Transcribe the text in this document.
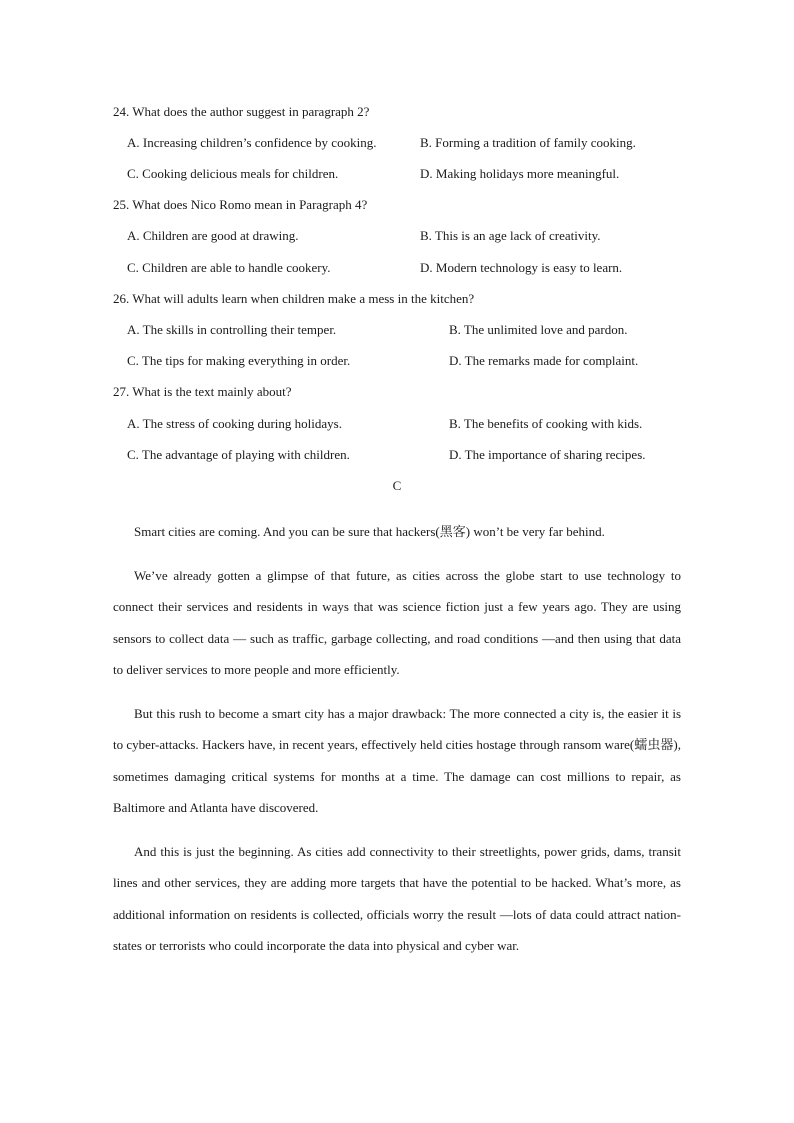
24. What does the author suggest in paragraph 2?
A. Increasing children’s confidence by cooking.	B. Forming a tradition of family cooking.
C. Cooking delicious meals for children.	D. Making holidays more meaningful.
25. What does Nico Romo mean in Paragraph 4?
A. Children are good at drawing.	B. This is an age lack of creativity.
C. Children are able to handle cookery.	D. Modern technology is easy to learn.
26. What will adults learn when children make a mess in the kitchen?
A. The skills in controlling their temper.	B. The unlimited love and pardon.
C. The tips for making everything in order.	D. The remarks made for complaint.
27. What is the text mainly about?
A. The stress of cooking during holidays.	B. The benefits of cooking with kids.
C. The advantage of playing with children.	D. The importance of sharing recipes.
C
Smart cities are coming. And you can be sure that hackers(黑客) won’t be very far behind.
We’ve already gotten a glimpse of that future, as cities across the globe start to use technology to connect their services and residents in ways that was science fiction just a few years ago. They are using sensors to collect data — such as traffic, garbage collecting, and road conditions —and then using that data to deliver services to more people and more efficiently.
But this rush to become a smart city has a major drawback: The more connected a city is, the easier it is to cyber-attacks. Hackers have, in recent years, effectively held cities hostage through ransom ware(蠕虫器), sometimes damaging critical systems for months at a time. The damage can cost millions to repair, as Baltimore and Atlanta have discovered.
And this is just the beginning. As cities add connectivity to their streetlights, power grids, dams, transit lines and other services, they are adding more targets that have the potential to be hacked. What’s more, as additional information on residents is collected, officials worry the result —lots of data could attract nation-states or terrorists who could incorporate the data into physical and cyber war.
